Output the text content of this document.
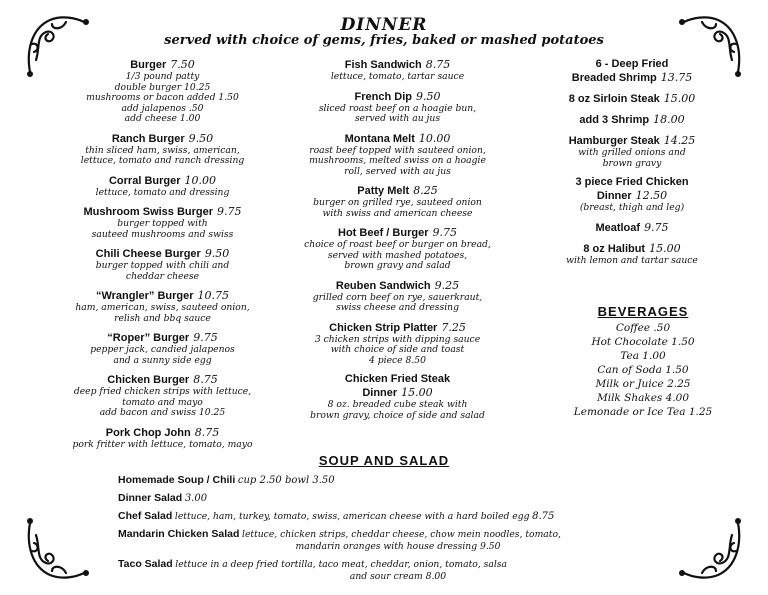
DINNER
served with choice of gems, fries, baked or mashed potatoes
Burger 7.50
1/3 pound patty
double burger 10.25
mushrooms or bacon added 1.50
add jalapenos .50
add cheese 1.00
Ranch Burger 9.50
thin sliced ham, swiss, american,
lettuce, tomato and ranch dressing
Corral Burger 10.00
lettuce, tomato and dressing
Mushroom Swiss Burger 9.75
burger topped with
sauteed mushrooms and swiss
Chili Cheese Burger 9.50
burger topped with chili and
cheddar cheese
“Wrangler” Burger 10.75
ham, american, swiss, sauteed onion,
relish and bbq sauce
“Roper” Burger 9.75
pepper jack, candied jalapenos
and a sunny side egg
Chicken Burger 8.75
deep fried chicken strips with lettuce,
tomato and mayo
add bacon and swiss 10.25
Pork Chop John 8.75
pork fritter with lettuce, tomato, mayo
Fish Sandwich 8.75
lettuce, tomato, tartar sauce
French Dip 9.50
sliced roast beef on a hoagie bun,
served with au jus
Montana Melt 10.00
roast beef topped with sauteed onion,
mushrooms, melted swiss on a hoagie
roll, served with au jus
Patty Melt 8.25
burger on grilled rye, sauteed onion
with swiss and american cheese
Hot Beef / Burger 9.75
choice of roast beef or burger on bread,
served with mashed potatoes,
brown gravy and salad
Reuben Sandwich 9.25
grilled corn beef on rye, sauerkraut,
swiss cheese and dressing
Chicken Strip Platter 7.25
3 chicken strips with dipping sauce
with choice of side and toast
4 piece 8.50
Chicken Fried Steak
Dinner 15.00
8 oz. breaded cube steak with
brown gravy, choice of side and salad
6 - Deep Fried
Breaded Shrimp 13.75
8 oz Sirloin Steak 15.00
add 3 Shrimp 18.00
Hamburger Steak 14.25
with grilled onions and
brown gravy
3 piece Fried Chicken
Dinner 12.50
(breast, thigh and leg)
Meatloaf 9.75
8 oz Halibut 15.00
with lemon and tartar sauce
BEVERAGES
Coffee .50
Hot Chocolate 1.50
Tea 1.00
Can of Soda 1.50
Milk or Juice 2.25
Milk Shakes 4.00
Lemonade or Ice Tea 1.25
SOUP AND SALAD
Homemade Soup / Chili cup 2.50 bowl 3.50
Dinner Salad 3.00
Chef Salad lettuce, ham, turkey, tomato, swiss, american cheese with a hard boiled egg 8.75
Mandarin Chicken Salad lettuce, chicken strips, cheddar cheese, chow mein noodles, tomato,
mandarin oranges with house dressing 9.50
Taco Salad lettuce in a deep fried tortilla, taco meat, cheddar, onion, tomato, salsa
and sour cream 8.00
